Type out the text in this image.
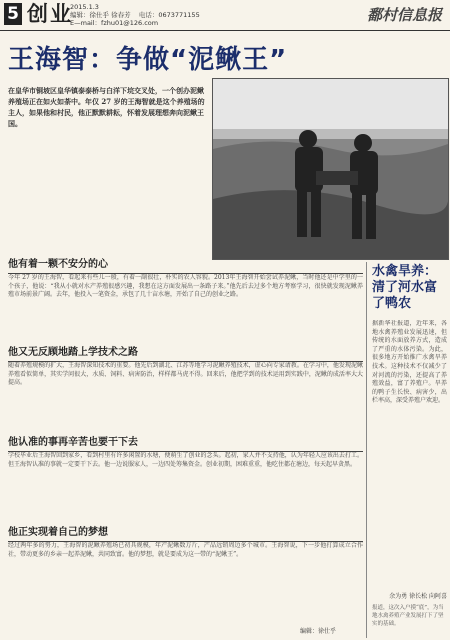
5 创业
2015.1.3
编辑：徐仕乎 徐春芳 电话：0673771155
E—mail：fzhu01@126.com	鄱村信息报
王海智：争做“泥鳅王”
在皇华市铜坡区皇华镇泰泰桥与白洋下垸交叉处，一个创办泥鳅养殖场正在如火如荼中。年仅 27 岁的王海智就是这个养殖场的主人，如果他和村民，他正默默耕耘，怀着发展理想奔向泥鳅王国。
他有着一颗不安分的心
今年 27 岁的王海智，看起来有些儿一般，有着一副很壮，朴实的农人容貌。2013年王海智开始尝试养泥鳅，当时他还是中学里的一个孩子，他说：“我从小就对水产养殖很感兴趣，我想在这方面发展出一条路子来。”他先后去过多个地方考察学习，很快就发现泥鳅养殖市场前景广阔。去年，他投入一笔资金，承包了几十亩水塘，开始了自己的创业之路。
他又无反顾地踏上学技术之路
随着养殖规模的扩大，王海智深知技术的重要。他先后到湖北、江苏等地学习泥鳅养殖技术，虚心向专家请教。在学习中，他发现泥鳅养殖看似简单，其实学问很大，水质、饲料、病害防治，样样都马虎不得。回来后，他把学到的技术运用到实践中，泥鳅的成活率大大提高。
他认准的事再辛苦也要干下去
学校毕业后王海智回到家乡，看到村里有许多闲置的水塘，便萌生了创业的念头。起初，家人并不支持他，认为年轻人应该出去打工。但王海智认准的事就一定要干下去。他一边说服家人，一边四处筹集资金。创业初期，困难重重，他吃住都在塘边，每天起早贪黑。
他正实现着自己的梦想
经过两年多的努力，王海智的泥鳅养殖场已初具规模，年产泥鳅数万斤，产品远销周边多个城市。王海智说，下一步他打算成立合作社，带动更多的乡亲一起养泥鳅，共同致富。他的梦想，就是要成为这一带的“泥鳅王”。
水禽旱养：清了河水富了鸭农
据新华社报道，近年来，各地水禽养殖业发展迅速，但传统的水面放养方式，造成了严重的水体污染。为此，很多地方开始推广水禽旱养技术。这种技术不仅减少了对河流的污染，还提高了养殖效益，富了养殖户。旱养的鸭子生长快、病害少，出栏率高，深受养殖户欢迎。
余为勇 徐长松 向阿喜
报道，这次入户摸“底”，为当地水禽养殖产业发展打下了坚实的基础。
编辑：徐仕乎
